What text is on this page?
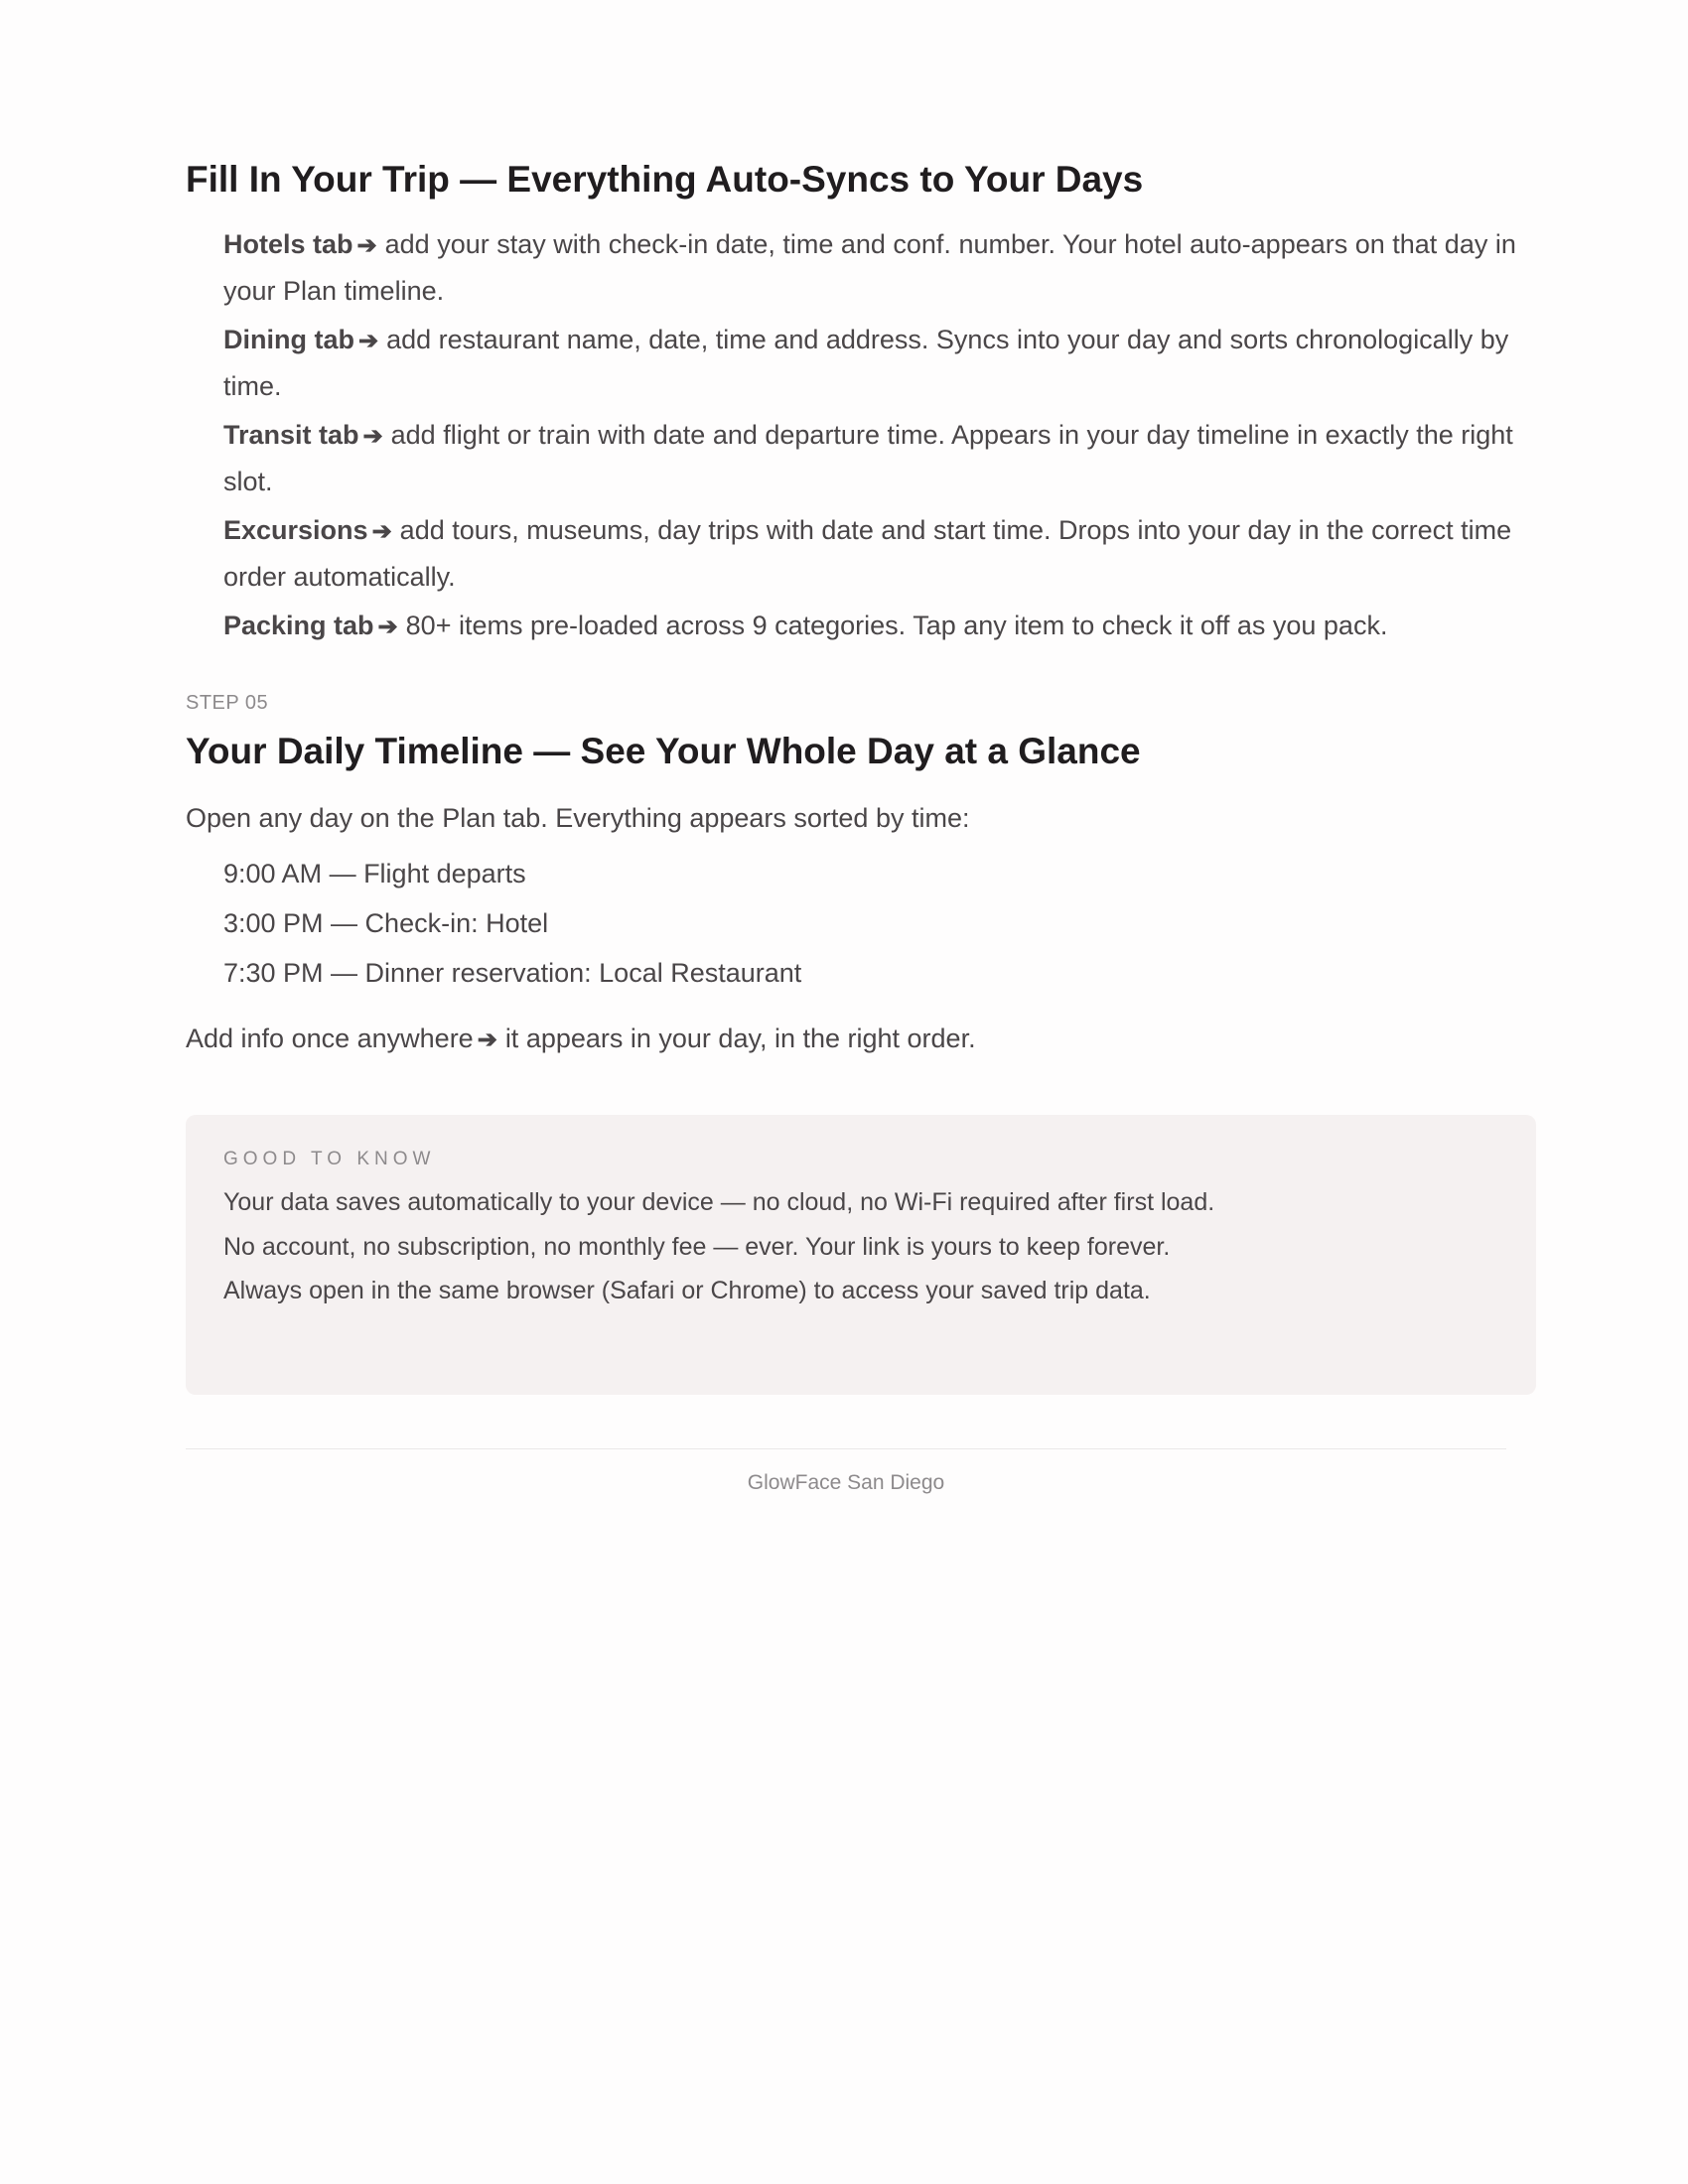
Fill In Your Trip — Everything Auto-Syncs to Your Days
Hotels tab ➔ add your stay with check-in date, time and conf. number. Your hotel auto-appears on that day in your Plan timeline.
Dining tab ➔ add restaurant name, date, time and address. Syncs into your day and sorts chronologically by time.
Transit tab ➔ add flight or train with date and departure time. Appears in your day timeline in exactly the right slot.
Excursions ➔ add tours, museums, day trips with date and start time. Drops into your day in the correct time order automatically.
Packing tab ➔ 80+ items pre-loaded across 9 categories. Tap any item to check it off as you pack.
STEP 05
Your Daily Timeline — See Your Whole Day at a Glance

Open any day on the Plan tab. Everything appears sorted by time:

9:00 AM — Flight departs
3:00 PM — Check-in: Hotel
7:30 PM — Dinner reservation: Local Restaurant

Add info once anywhere ➔ it appears in your day, in the right order.

GOOD TO KNOW
Your data saves automatically to your device — no cloud, no Wi-Fi required after first load.
No account, no subscription, no monthly fee — ever. Your link is yours to keep forever.
Always open in the same browser (Safari or Chrome) to access your saved trip data.
GlowFace San Diego
